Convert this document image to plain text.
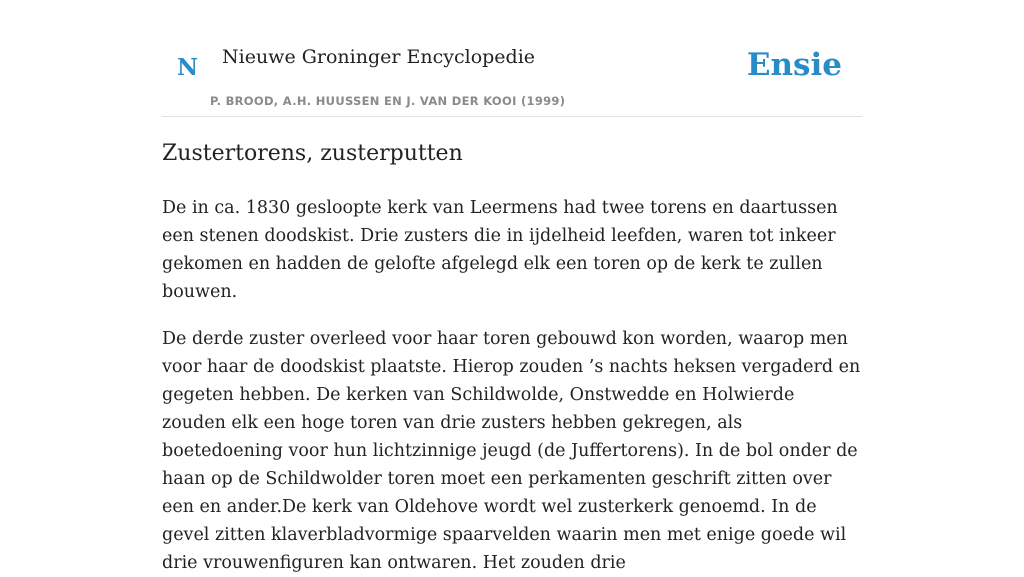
N Nieuwe Groninger Encyclopedie
P. BROOD, A.H. HUUSSEN EN J. VAN DER KOOI (1999)
Ensie
Zustertorens, zusterputten

De in ca. 1830 gesloopte kerk van Leermens had twee torens en daartussen een stenen doodskist. Drie zusters die in ijdelheid leefden, waren tot inkeer gekomen en hadden de gelofte afgelegd elk een toren op de kerk te zullen bouwen.

De derde zuster overleed voor haar toren gebouwd kon worden, waarop men voor haar de doodskist plaatste. Hierop zouden ’s nachts heksen vergaderd en gegeten hebben. De kerken van Schildwolde, Onstwedde en Holwierde zouden elk een hoge toren van drie zusters hebben gekregen, als boetedoening voor hun lichtzinnige jeugd (de Juffertorens). In de bol onder de haan op de Schildwolder toren moet een perkamenten geschrift zitten over een en ander.De kerk van Oldehove wordt wel zusterkerk genoemd. In de gevel zitten klaverbladvormige spaarvelden waarin men met enige goede wil drie vrouwenfiguren kan ontwaren. Het zouden drie
